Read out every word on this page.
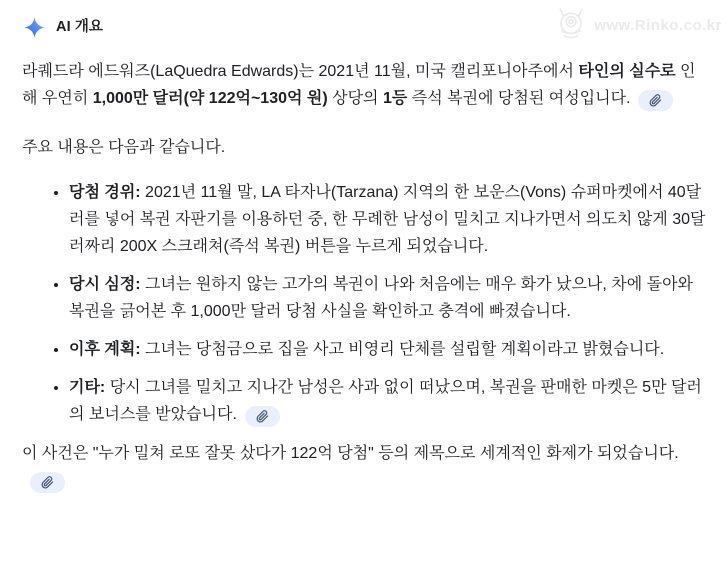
AI 개요	www.Rinko.co.kr

라퀘드라 에드워즈(LaQuedra Edwards)는 2021년 11월, 미국 캘리포니아주에서 타인의 실수로 인해 우연히 1,000만 달러(약 122억~130억 원) 상당의 1등 즉석 복권에 당첨된 여성입니다.

주요 내용은 다음과 같습니다.

• 당첨 경위: 2021년 11월 말, LA 타자나(Tarzana) 지역의 한 보운스(Vons) 슈퍼마켓에서 40달러를 넣어 복권 자판기를 이용하던 중, 한 무례한 남성이 밀치고 지나가면서 의도치 않게 30달러짜리 200X 스크래쳐(즉석 복권) 버튼을 누르게 되었습니다.
• 당시 심정: 그녀는 원하지 않는 고가의 복권이 나와 처음에는 매우 화가 났으나, 차에 돌아와 복권을 긁어본 후 1,000만 달러 당첨 사실을 확인하고 충격에 빠졌습니다.
• 이후 계획: 그녀는 당첨금으로 집을 사고 비영리 단체를 설립할 계획이라고 밝혔습니다.
• 기타: 당시 그녀를 밀치고 지나간 남성은 사과 없이 떠났으며, 복권을 판매한 마켓은 5만 달러의 보너스를 받았습니다.

이 사건은 "누가 밀쳐 로또 잘못 샀다가 122억 당첨" 등의 제목으로 세계적인 화제가 되었습니다.
